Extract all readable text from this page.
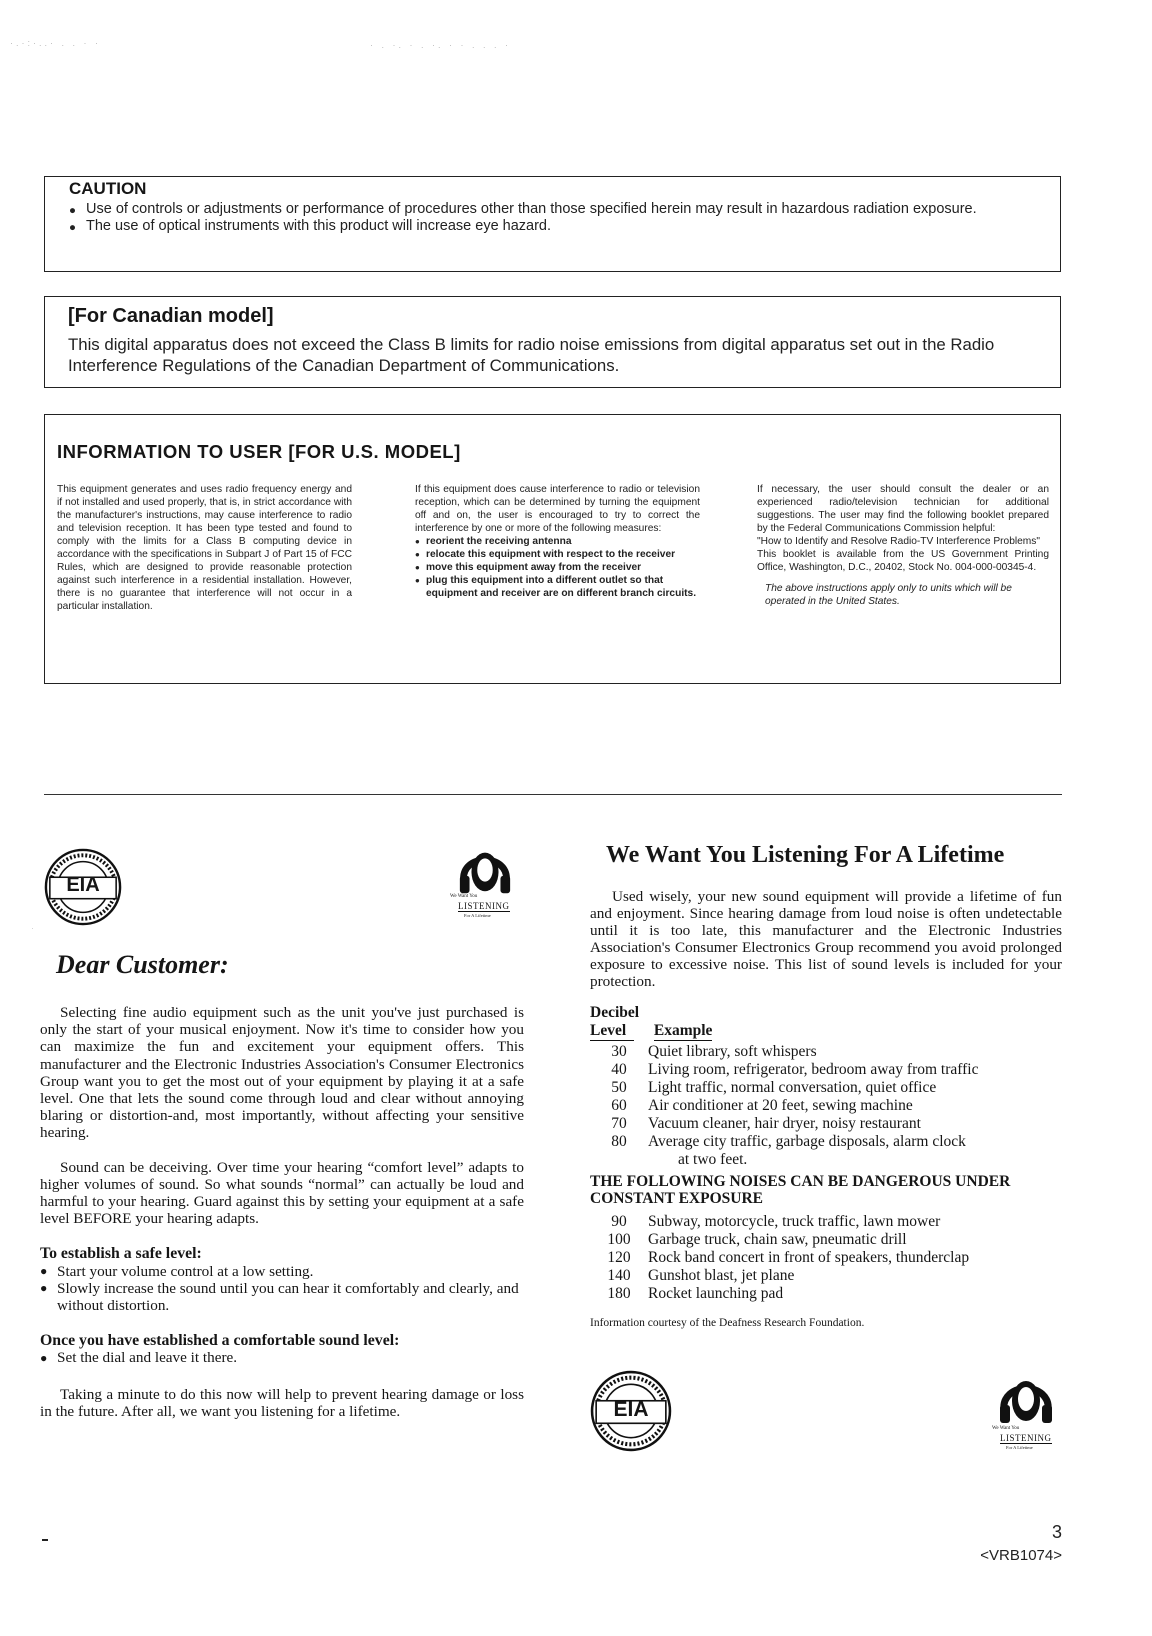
·.·:·..· . . · ·	· . ·. · . ·. · · . . . ·
CAUTION
● Use of controls or adjustments or performance of procedures other than those specified herein may result in hazardous radiation exposure.
● The use of optical instruments with this product will increase eye hazard.
[For Canadian model]
This digital apparatus does not exceed the Class B limits for radio noise emissions from digital apparatus set out in the Radio Interference Regulations of the Canadian Department of Communications.
INFORMATION TO USER [FOR U.S. MODEL]
This equipment generates and uses radio frequency energy and if not installed and used properly, that is, in strict accordance with the manufacturer's instructions, may cause interference to radio and television reception. It has been type tested and found to comply with the limits for a Class B computing device in accordance with the specifications in Subpart J of Part 15 of FCC Rules, which are designed to provide reasonable protection against such interference in a residential installation. However, there is no guarantee that interference will not occur in a particular installation.
If this equipment does cause interference to radio or television reception, which can be determined by turning the equipment off and on, the user is encouraged to try to correct the interference by one or more of the following measures:
● reorient the receiving antenna
● relocate this equipment with respect to the receiver
● move this equipment away from the receiver
● plug this equipment into a different outlet so that equipment and receiver are on different branch circuits.
If necessary, the user should consult the dealer or an experienced radio/television technician for additional suggestions. The user may find the following booklet prepared by the Federal Communications Commission helpful:
"How to Identify and Resolve Radio-TV Interference Problems"
This booklet is available from the US Government Printing Office, Washington, D.C., 20402, Stock No. 004-000-00345-4.
The above instructions apply only to units which will be operated in the United States.
EIA
We Want You
LISTENING
For A Lifetime
Dear Customer:
Selecting fine audio equipment such as the unit you've just purchased is only the start of your musical enjoyment. Now it's time to consider how you can maximize the fun and excitement your equipment offers. This manufacturer and the Electronic Industries Association's Consumer Electronics Group want you to get the most out of your equipment by playing it at a safe level. One that lets the sound come through loud and clear without annoying blaring or distortion-and, most importantly, without affecting your sensitive hearing.
Sound can be deceiving. Over time your hearing “comfort level” adapts to higher volumes of sound. So what sounds “normal” can actually be loud and harmful to your hearing. Guard against this by setting your equipment at a safe level BEFORE your hearing adapts.
To establish a safe level:
● Start your volume control at a low setting.
● Slowly increase the sound until you can hear it comfortably and clearly, and without distortion.
Once you have established a comfortable sound level:
● Set the dial and leave it there.
Taking a minute to do this now will help to prevent hearing damage or loss in the future. After all, we want you listening for a lifetime.
We Want You Listening For A Lifetime
Used wisely, your new sound equipment will provide a lifetime of fun and enjoyment. Since hearing damage from loud noise is often undetectable until it is too late, this manufacturer and the Electronic Industries Association's Consumer Electronics Group recommend you avoid prolonged exposure to excessive noise. This list of sound levels is included for your protection.
Decibel
Level Example
30	Quiet library, soft whispers
40	Living room, refrigerator, bedroom away from traffic
50	Light traffic, normal conversation, quiet office
60	Air conditioner at 20 feet, sewing machine
70	Vacuum cleaner, hair dryer, noisy restaurant
80	Average city traffic, garbage disposals, alarm clock
	at two feet.
THE FOLLOWING NOISES CAN BE DANGEROUS UNDER CONSTANT EXPOSURE
90	Subway, motorcycle, truck traffic, lawn mower
100	Garbage truck, chain saw, pneumatic drill
120	Rock band concert in front of speakers, thunderclap
140	Gunshot blast, jet plane
180	Rocket launching pad
Information courtesy of the Deafness Research Foundation.
EIA
We Want You
LISTENING
For A Lifetime
3
<VRB1074>
